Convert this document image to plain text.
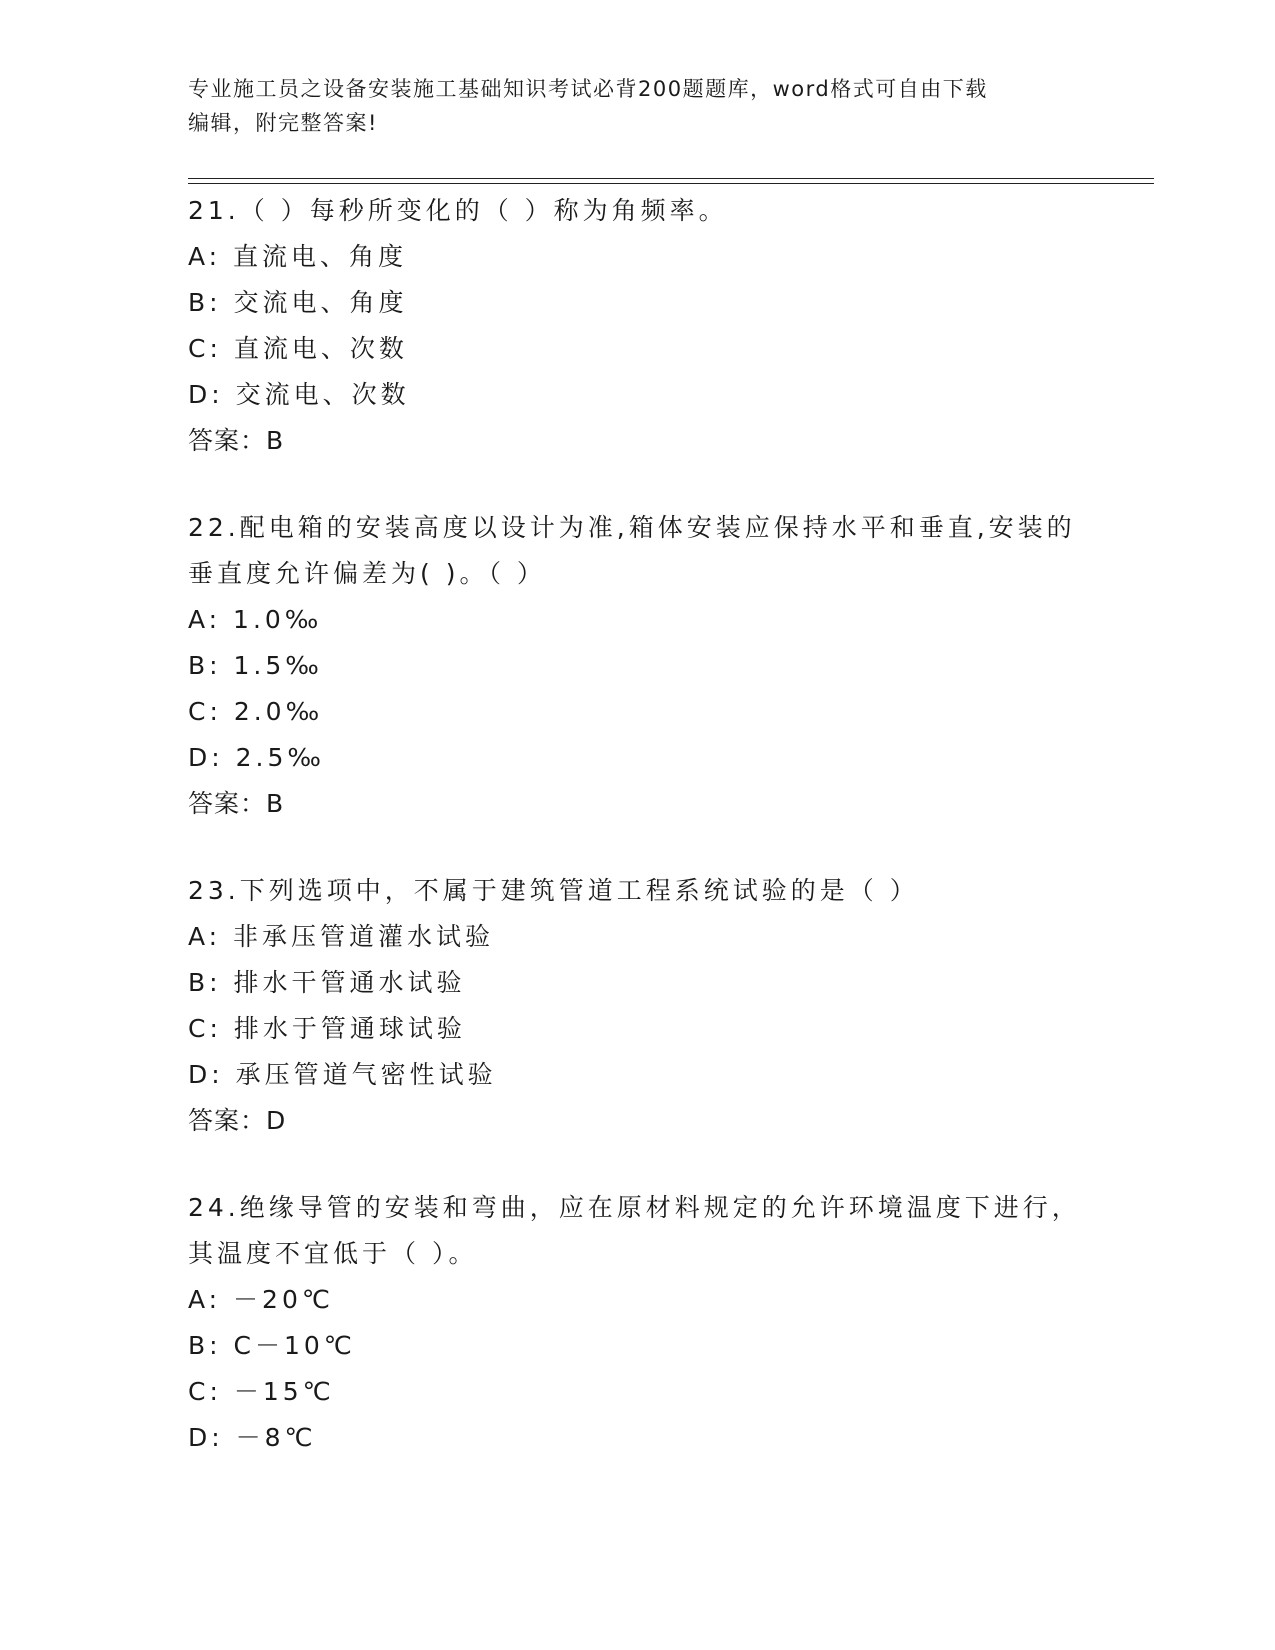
专业施工员之设备安装施工基础知识考试必背200题题库，word格式可自由下载
编辑，附完整答案!
21.（ ）每秒所变化的（ ）称为角频率。
A: 直流电、角度
B: 交流电、角度
C: 直流电、次数
D: 交流电、次数
答案：B
22.配电箱的安装高度以设计为准,箱体安装应保持水平和垂直,安装的垂直度允许偏差为( )。（ ）
A: 1.0‰
B: 1.5‰
C: 2.0‰
D: 2.5‰
答案：B
23.下列选项中，不属于建筑管道工程系统试验的是（ ）
A: 非承压管道灌水试验
B: 排水干管通水试验
C: 排水于管通球试验
D: 承压管道气密性试验
答案：D
24.绝缘导管的安装和弯曲，应在原材料规定的允许环境温度下进行，其温度不宜低于（ ）。
A: －20℃
B: C－10℃
C: －15℃
D: －8℃
